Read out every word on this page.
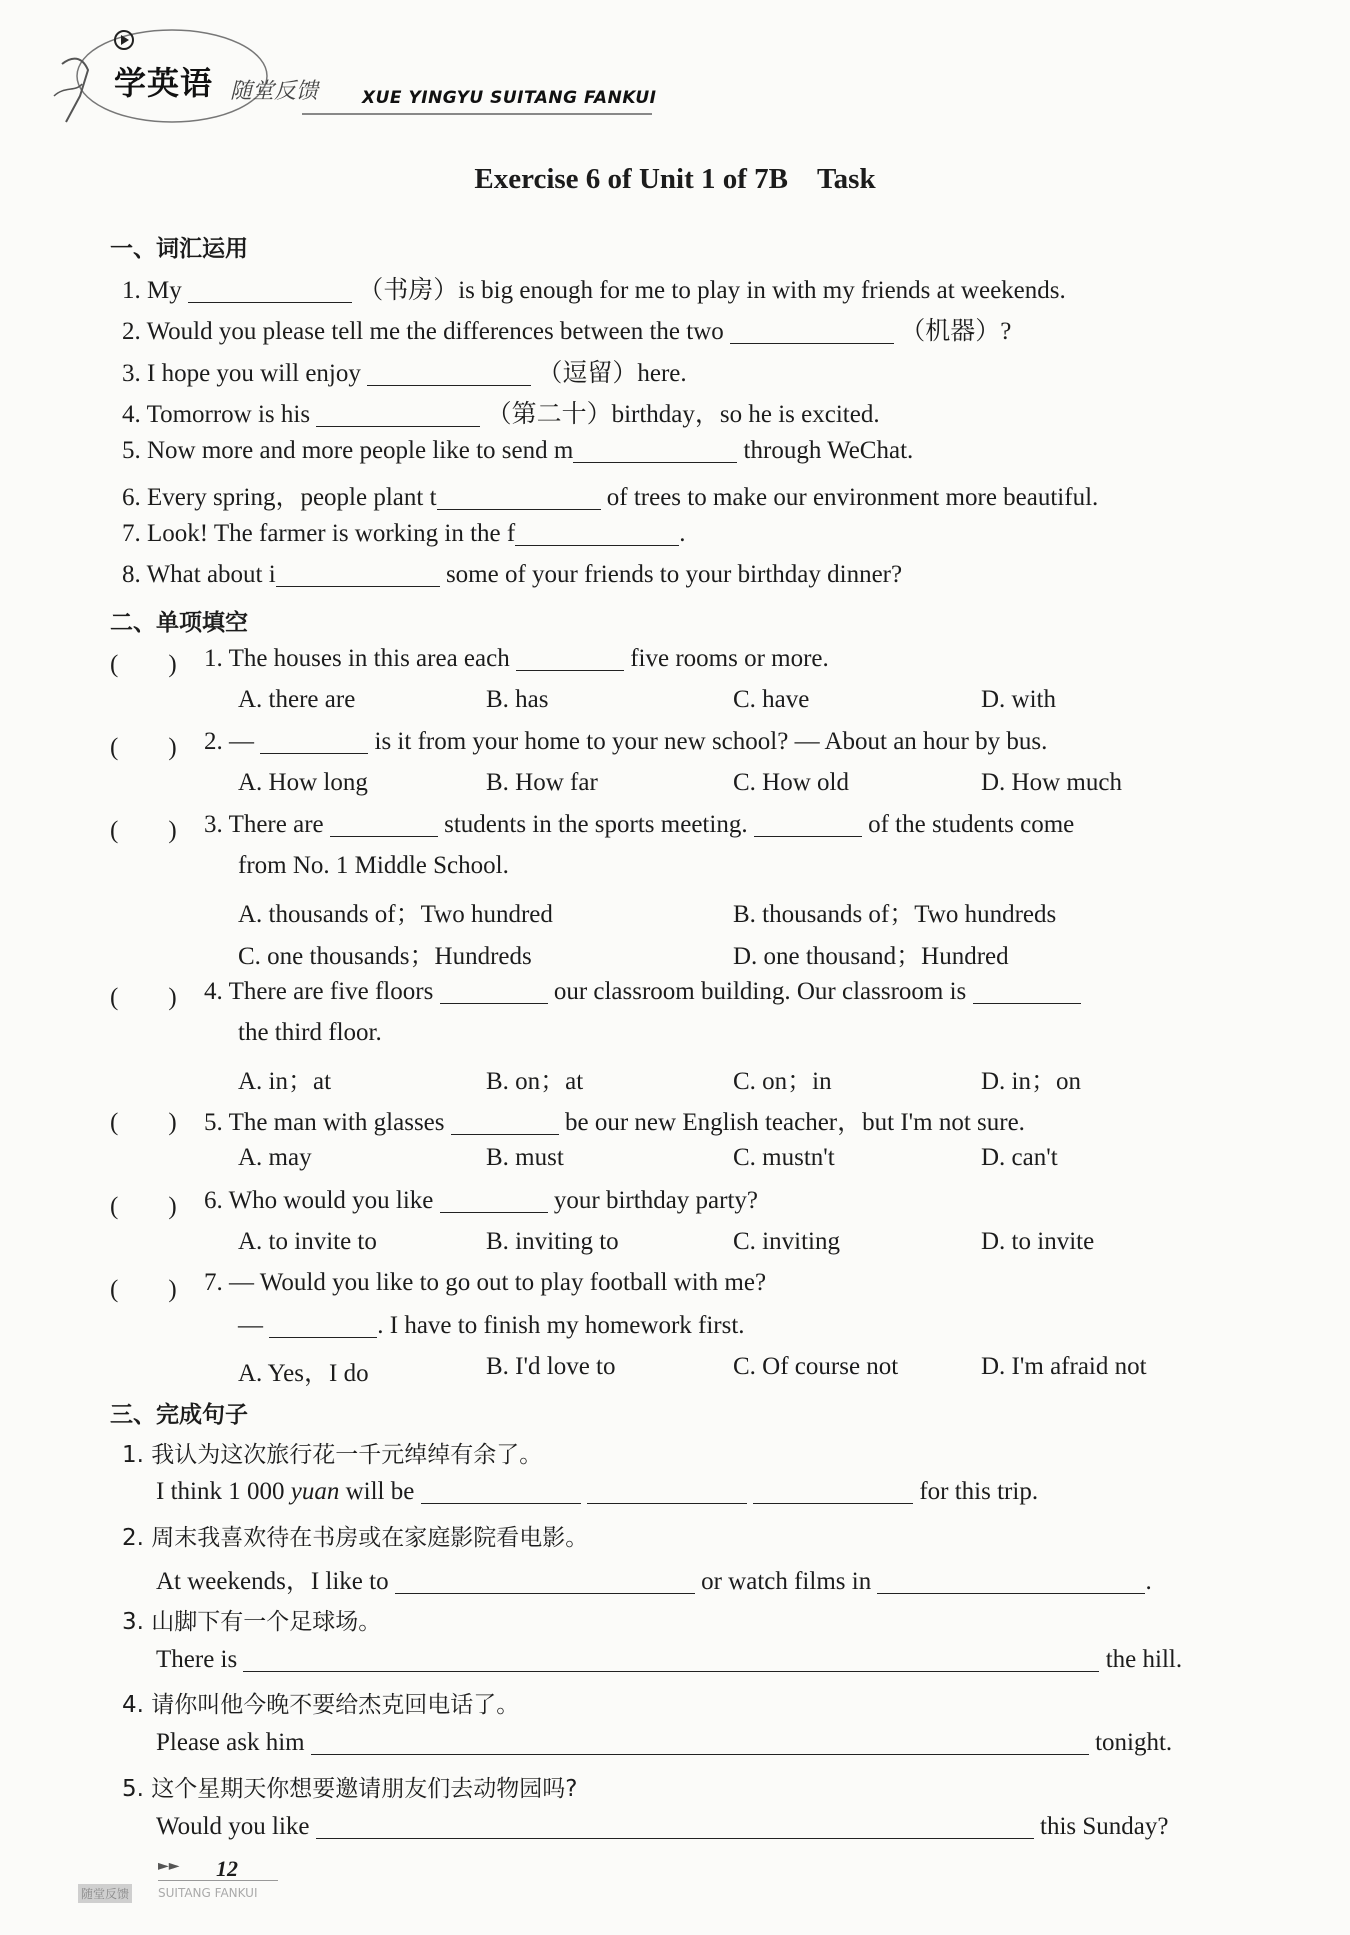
学英语 随堂反馈	XUE YINGYU SUITANG FANKUI
Exercise 6 of Unit 1 of 7B　Task
一、词汇运用
1. My	（书房）is big enough for me to play in with my friends at weekends.
2. Would you please tell me the differences between the two	（机器）?
3. I hope you will enjoy	（逗留）here.
4. Tomorrow is his	（第二十）birthday，so he is excited.
5. Now more and more people like to send m	through WeChat.
6. Every spring，people plant t	of trees to make our environment more beautiful.
7. Look! The farmer is working in the f	.
8. What about i	some of your friends to your birthday dinner?
二、单项填空
(　　) 1. The houses in this area each	five rooms or more.
A. there are	B. has	C. have	D. with
(　　) 2. —	is it from your home to your new school? — About an hour by bus.
A. How long	B. How far	C. How old	D. How much
(　　) 3. There are	students in the sports meeting.	of the students come
from No. 1 Middle School.
A. thousands of；Two hundred	B. thousands of；Two hundreds
C. one thousands；Hundreds	D. one thousand；Hundred
(　　) 4. There are five floors	our classroom building. Our classroom is
the third floor.
A. in；at	B. on；at	C. on；in	D. in；on
(　　) 5. The man with glasses	be our new English teacher，but I'm not sure.
A. may	B. must	C. mustn't	D. can't
(　　) 6. Who would you like	your birthday party?
A. to invite to	B. inviting to	C. inviting	D. to invite
(　　) 7. — Would you like to go out to play football with me?
—	. I have to finish my homework first.
A. Yes，I do	B. I'd love to	C. Of course not	D. I'm afraid not
三、完成句子
1. 我认为这次旅行花一千元绰绰有余了。
I think 1 000 yuan will be	for this trip.
2. 周末我喜欢待在书房或在家庭影院看电影。
At weekends，I like to	or watch films in	.
3. 山脚下有一个足球场。
There is	the hill.
4. 请你叫他今晚不要给杰克回电话了。
Please ask him	tonight.
5. 这个星期天你想要邀请朋友们去动物园吗?
Would you like	this Sunday?
►► 12
随堂反馈 SUITANG FANKUI
